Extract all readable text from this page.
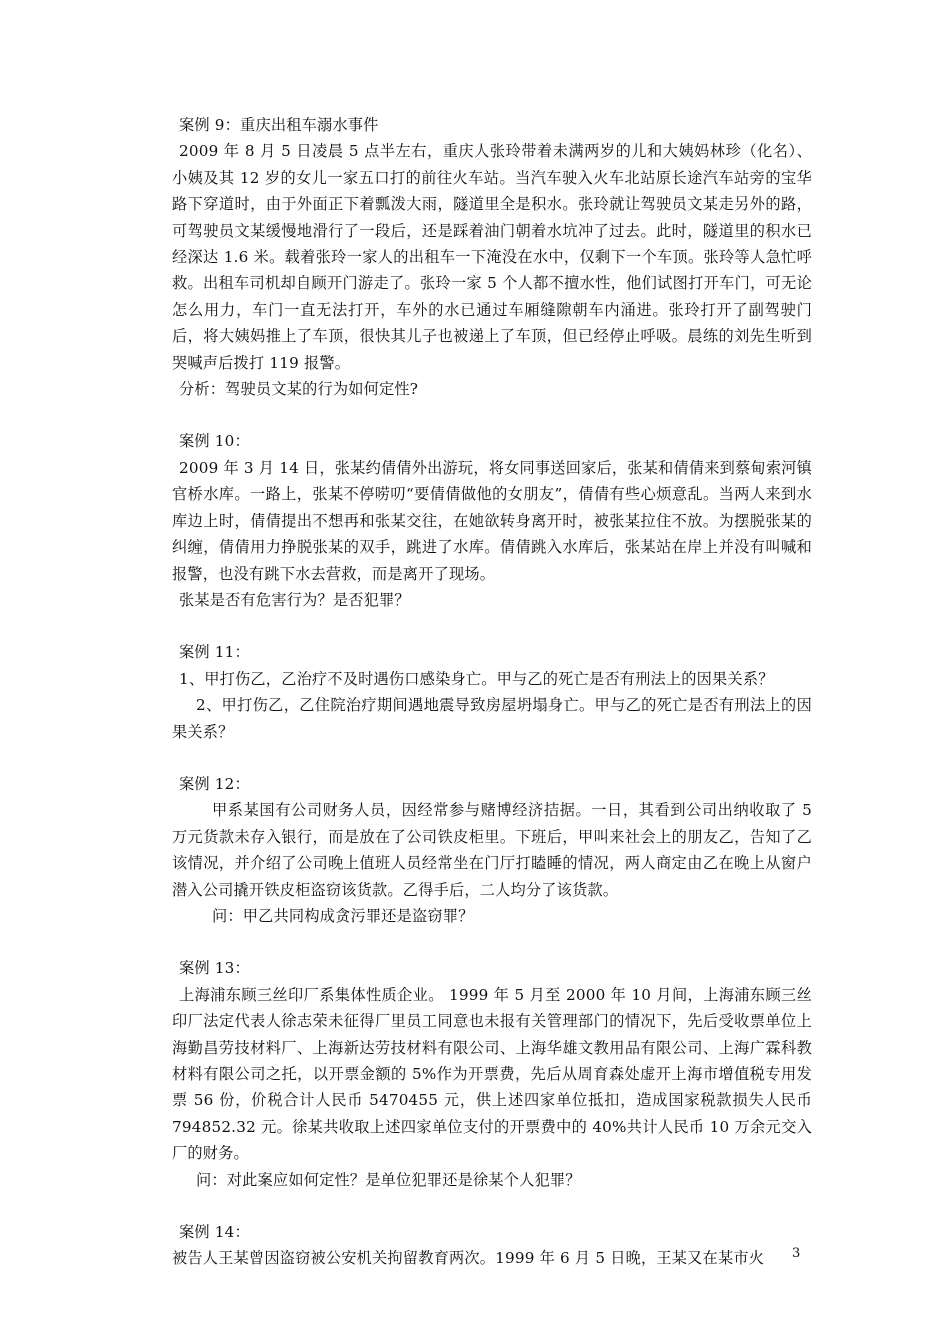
案例 9：重庆出租车溺水事件

2009 年 8 月 5 日凌晨 5 点半左右，重庆人张玲带着未满两岁的儿和大姨妈林珍（化名）、小姨及其 12 岁的女儿一家五口打的前往火车站。当汽车驶入火车北站原长途汽车站旁的宝华路下穿道时，由于外面正下着瓢泼大雨，隧道里全是积水。张玲就让驾驶员文某走另外的路，可驾驶员文某缓慢地滑行了一段后，还是踩着油门朝着水坑冲了过去。此时，隧道里的积水已经深达 1.6 米。载着张玲一家人的出租车一下淹没在水中，仅剩下一个车顶。张玲等人急忙呼救。出租车司机却自顾开门游走了。张玲一家 5 个人都不擅水性，他们试图打开车门，可无论怎么用力，车门一直无法打开，车外的水已通过车厢缝隙朝车内涌进。张玲打开了副驾驶门后，将大姨妈推上了车顶，很快其儿子也被递上了车顶，但已经停止呼吸。晨练的刘先生听到哭喊声后拨打 119 报警。

分析：驾驶员文某的行为如何定性?

案例 10：

2009 年 3 月 14 日，张某约倩倩外出游玩，将女同事送回家后，张某和倩倩来到蔡甸索河镇官桥水库。一路上，张某不停唠叨“要倩倩做他的女朋友”，倩倩有些心烦意乱。当两人来到水库边上时，倩倩提出不想再和张某交往，在她欲转身离开时，被张某拉住不放。为摆脱张某的纠缠，倩倩用力挣脱张某的双手，跳进了水库。倩倩跳入水库后，张某站在岸上并没有叫喊和报警，也没有跳下水去营救，而是离开了现场。

张某是否有危害行为？是否犯罪？

案例 11：

1、甲打伤乙，乙治疗不及时遇伤口感染身亡。甲与乙的死亡是否有刑法上的因果关系？

2、甲打伤乙，乙住院治疗期间遇地震导致房屋坍塌身亡。甲与乙的死亡是否有刑法上的因果关系？

案例 12：

甲系某国有公司财务人员，因经常参与赌博经济拮据。一日，其看到公司出纳收取了 5 万元货款未存入银行，而是放在了公司铁皮柜里。下班后，甲叫来社会上的朋友乙，告知了乙该情况，并介绍了公司晚上值班人员经常坐在门厅打瞌睡的情况，两人商定由乙在晚上从窗户潜入公司撬开铁皮柜盗窃该货款。乙得手后，二人均分了该货款。

问：甲乙共同构成贪污罪还是盗窃罪？

案例 13：

上海浦东顾三丝印厂系集体性质企业。 1999 年 5 月至 2000 年 10 月间，上海浦东顾三丝印厂法定代表人徐志荣未征得厂里员工同意也未报有关管理部门的情况下，先后受收票单位上海勤昌劳技材料厂、上海新达劳技材料有限公司、上海华雄文教用品有限公司、上海广霖科教材料有限公司之托，以开票金额的 5%作为开票费，先后从周育森处虚开上海市增值税专用发票 56 份，价税合计人民币 5470455 元，供上述四家单位抵扣，造成国家税款损失人民币 794852.32 元。徐某共收取上述四家单位支付的开票费中的 40%共计人民币 10 万余元交入厂的财务。

问：对此案应如何定性？是单位犯罪还是徐某个人犯罪？

案例 14：

被告人王某曾因盗窃被公安机关拘留教育两次。1999 年 6 月 5 日晚，王某又在某市火	3
